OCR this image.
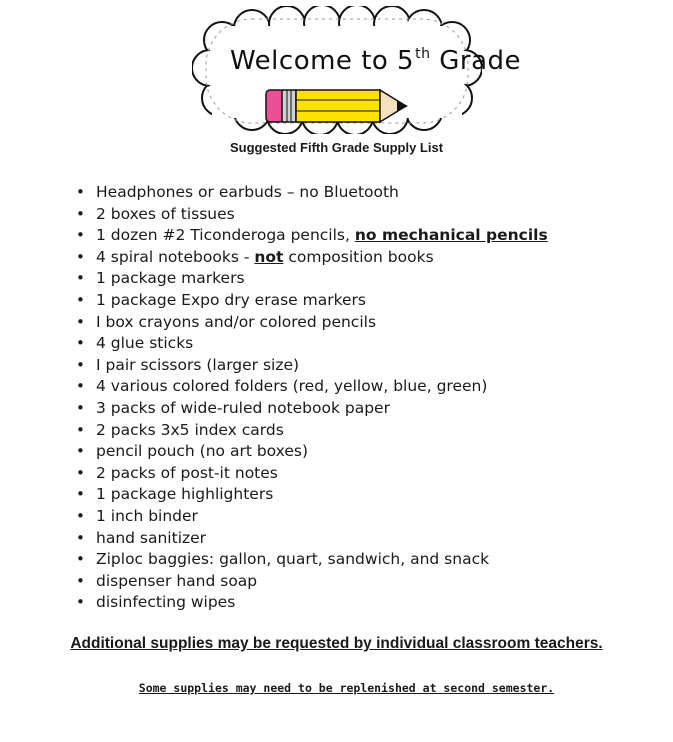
Welcome to 5th Grade
Suggested Fifth Grade Supply List
• Headphones or earbuds – no Bluetooth
• 2 boxes of tissues
• 1 dozen #2 Ticonderoga pencils, no mechanical pencils
• 4 spiral notebooks - not composition books
• 1 package markers
• 1 package Expo dry erase markers
• I box crayons and/or colored pencils
• 4 glue sticks
• I pair scissors (larger size)
• 4 various colored folders (red, yellow, blue, green)
• 3 packs of wide-ruled notebook paper
• 2 packs 3x5 index cards
• pencil pouch (no art boxes)
• 2 packs of post-it notes
• 1 package highlighters
• 1 inch binder
• hand sanitizer
• Ziploc baggies: gallon, quart, sandwich, and snack
• dispenser hand soap
• disinfecting wipes
Additional supplies may be requested by individual classroom teachers.
Some supplies may need to be replenished at second semester.
